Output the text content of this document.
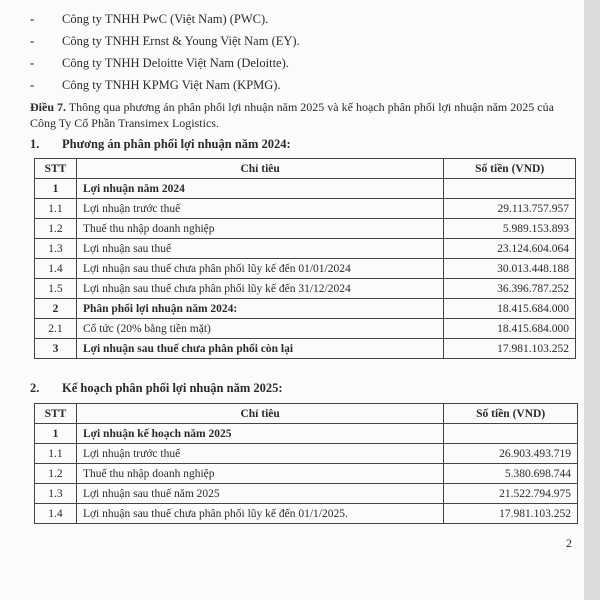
-	Công ty TNHH PwC (Việt Nam) (PWC).
-	Công ty TNHH Ernst & Young Việt Nam (EY).
-	Công ty TNHH Deloitte Việt Nam (Deloitte).
-	Công ty TNHH KPMG Việt Nam (KPMG).
Điều 7. Thông qua phương án phân phối lợi nhuận năm 2025 và kế hoạch phân phối lợi nhuận năm 2025 của Công Ty Cổ Phần Transimex Logistics.
1. Phương án phân phối lợi nhuận năm 2024:
STT	Chỉ tiêu	Số tiền (VND)
1	Lợi nhuận năm 2024	
1.1	Lợi nhuận trước thuế	29.113.757.957
1.2	Thuế thu nhập doanh nghiệp	5.989.153.893
1.3	Lợi nhuận sau thuế	23.124.604.064
1.4	Lợi nhuận sau thuế chưa phân phối lũy kế đến 01/01/2024	30.013.448.188
1.5	Lợi nhuận sau thuế chưa phân phối lũy kế đến 31/12/2024	36.396.787.252
2	Phân phối lợi nhuận năm 2024:	18.415.684.000
2.1	Cổ tức (20% bằng tiền mặt)	18.415.684.000
3	Lợi nhuận sau thuế chưa phân phối còn lại	17.981.103.252
2. Kế hoạch phân phối lợi nhuận năm 2025:
STT	Chỉ tiêu	Số tiền (VND)
1	Lợi nhuận kế hoạch năm 2025	
1.1	Lợi nhuận trước thuế	26.903.493.719
1.2	Thuế thu nhập doanh nghiệp	5.380.698.744
1.3	Lợi nhuận sau thuế năm 2025	21.522.794.975
1.4	Lợi nhuận sau thuế chưa phân phối lũy kế đến 01/1/2025.	17.981.103.252
2
